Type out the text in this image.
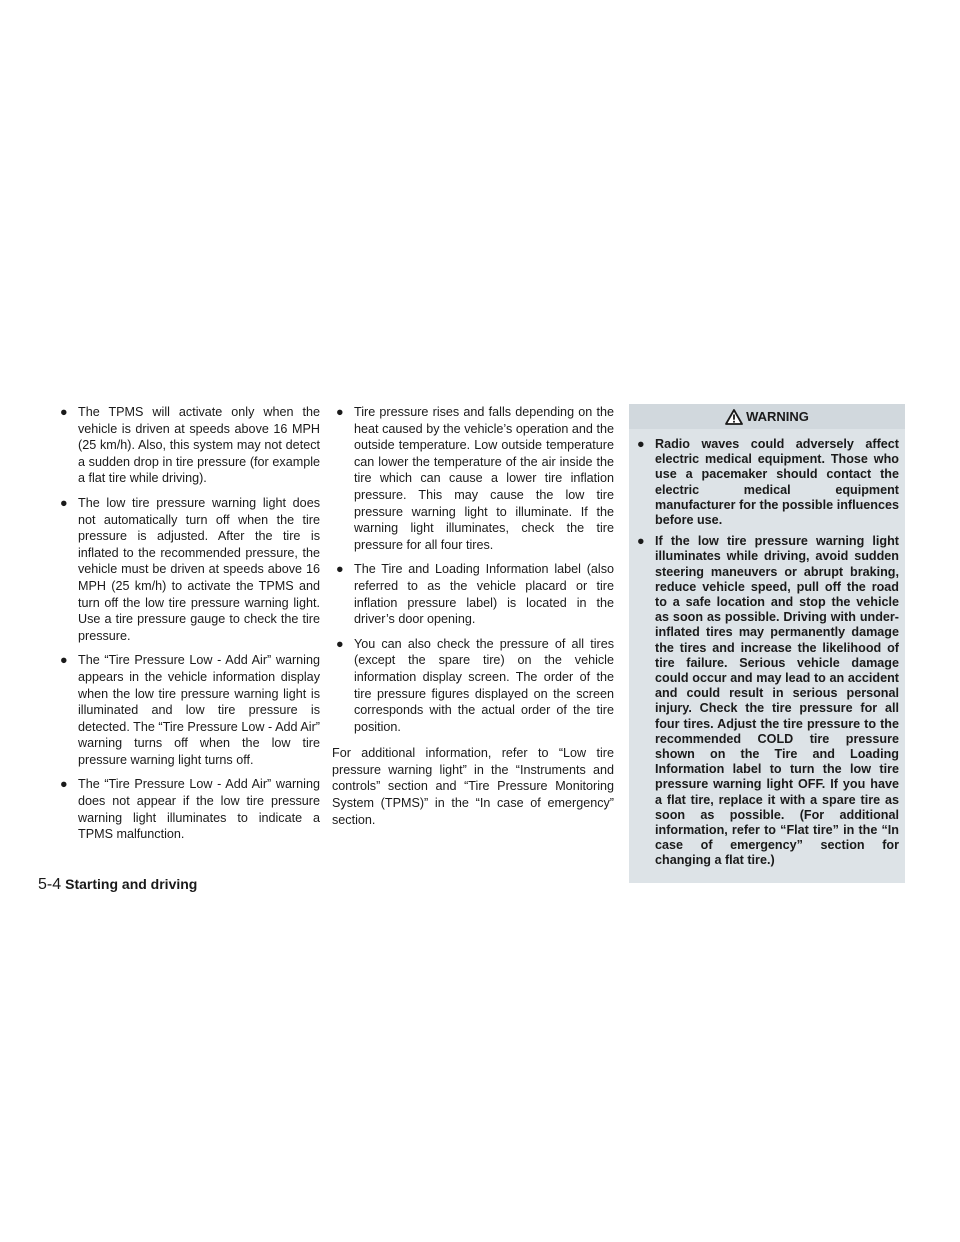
● The TPMS will activate only when the vehicle is driven at speeds above 16 MPH (25 km/h). Also, this system may not detect a sudden drop in tire pressure (for example a flat tire while driving).
● The low tire pressure warning light does not automatically turn off when the tire pressure is adjusted. After the tire is inflated to the recommended pressure, the vehicle must be driven at speeds above 16 MPH (25 km/h) to activate the TPMS and turn off the low tire pressure warning light. Use a tire pressure gauge to check the tire pressure.
● The “Tire Pressure Low - Add Air” warning appears in the vehicle information display when the low tire pressure warning light is illuminated and low tire pressure is detected. The “Tire Pressure Low - Add Air” warning turns off when the low tire pressure warning light turns off.
● The “Tire Pressure Low - Add Air” warning does not appear if the low tire pressure warning light illuminates to indicate a TPMS malfunction.
● Tire pressure rises and falls depending on the heat caused by the vehicle’s operation and the outside temperature. Low outside temperature can lower the temperature of the air inside the tire which can cause a lower tire inflation pressure. This may cause the low tire pressure warning light to illuminate. If the warning light illuminates, check the tire pressure for all four tires.
● The Tire and Loading Information label (also referred to as the vehicle placard or tire inflation pressure label) is located in the driver’s door opening.
● You can also check the pressure of all tires (except the spare tire) on the vehicle information display screen. The order of the tire pressure figures displayed on the screen corresponds with the actual order of the tire position.

For additional information, refer to “Low tire pressure warning light” in the “Instruments and controls” section and “Tire Pressure Monitoring System (TPMS)” in the “In case of emergency” section.

WARNING
● Radio waves could adversely affect electric medical equipment. Those who use a pacemaker should contact the electric medical equipment manufacturer for the possible influences before use.
● If the low tire pressure warning light illuminates while driving, avoid sudden steering maneuvers or abrupt braking, reduce vehicle speed, pull off the road to a safe location and stop the vehicle as soon as possible. Driving with under-inflated tires may permanently damage the tires and increase the likelihood of tire failure. Serious vehicle damage could occur and may lead to an accident and could result in serious personal injury. Check the tire pressure for all four tires. Adjust the tire pressure to the recommended COLD tire pressure shown on the Tire and Loading Information label to turn the low tire pressure warning light OFF. If you have a flat tire, replace it with a spare tire as soon as possible. (For additional information, refer to “Flat tire” in the “In case of emergency” section for changing a flat tire.)
5-4 Starting and driving
